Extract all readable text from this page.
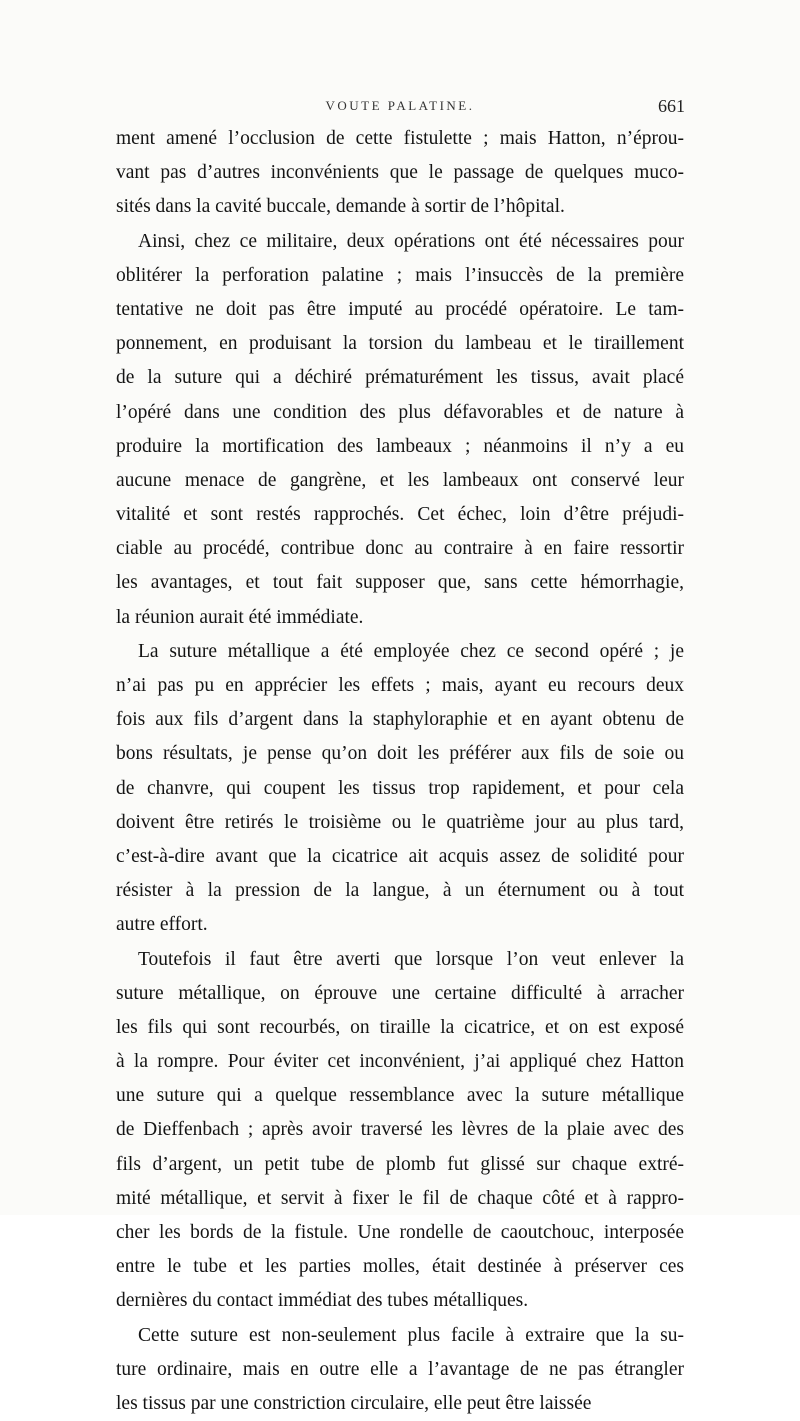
VOUTE PALATINE.	661
ment amené l’occlusion de cette fistulette ; mais Hatton, n’éprou-
vant pas d’autres inconvénients que le passage de quelques muco-
sités dans la cavité buccale, demande à sortir de l’hôpital.
Ainsi, chez ce militaire, deux opérations ont été nécessaires pour
oblitérer la perforation palatine ; mais l’insuccès de la première
tentative ne doit pas être imputé au procédé opératoire. Le tam-
ponnement, en produisant la torsion du lambeau et le tiraillement
de la suture qui a déchiré prématurément les tissus, avait placé
l’opéré dans une condition des plus défavorables et de nature à
produire la mortification des lambeaux ; néanmoins il n’y a eu
aucune menace de gangrène, et les lambeaux ont conservé leur
vitalité et sont restés rapprochés. Cet échec, loin d’être préjudi-
ciable au procédé, contribue donc au contraire à en faire ressortir
les avantages, et tout fait supposer que, sans cette hémorrhagie,
la réunion aurait été immédiate.
La suture métallique a été employée chez ce second opéré ; je
n’ai pas pu en apprécier les effets ; mais, ayant eu recours deux
fois aux fils d’argent dans la staphyloraphie et en ayant obtenu de
bons résultats, je pense qu’on doit les préférer aux fils de soie ou
de chanvre, qui coupent les tissus trop rapidement, et pour cela
doivent être retirés le troisième ou le quatrième jour au plus tard,
c’est-à-dire avant que la cicatrice ait acquis assez de solidité pour
résister à la pression de la langue, à un éternument ou à tout
autre effort.
Toutefois il faut être averti que lorsque l’on veut enlever la
suture métallique, on éprouve une certaine difficulté à arracher
les fils qui sont recourbés, on tiraille la cicatrice, et on est exposé
à la rompre. Pour éviter cet inconvénient, j’ai appliqué chez Hatton
une suture qui a quelque ressemblance avec la suture métallique
de Dieffenbach ; après avoir traversé les lèvres de la plaie avec des
fils d’argent, un petit tube de plomb fut glissé sur chaque extré-
mité métallique, et servit à fixer le fil de chaque côté et à rappro-
cher les bords de la fistule. Une rondelle de caoutchouc, interposée
entre le tube et les parties molles, était destinée à préserver ces
dernières du contact immédiat des tubes métalliques.
Cette suture est non-seulement plus facile à extraire que la su-
ture ordinaire, mais en outre elle a l’avantage de ne pas étrangler
les tissus par une constriction circulaire, elle peut être laissée
